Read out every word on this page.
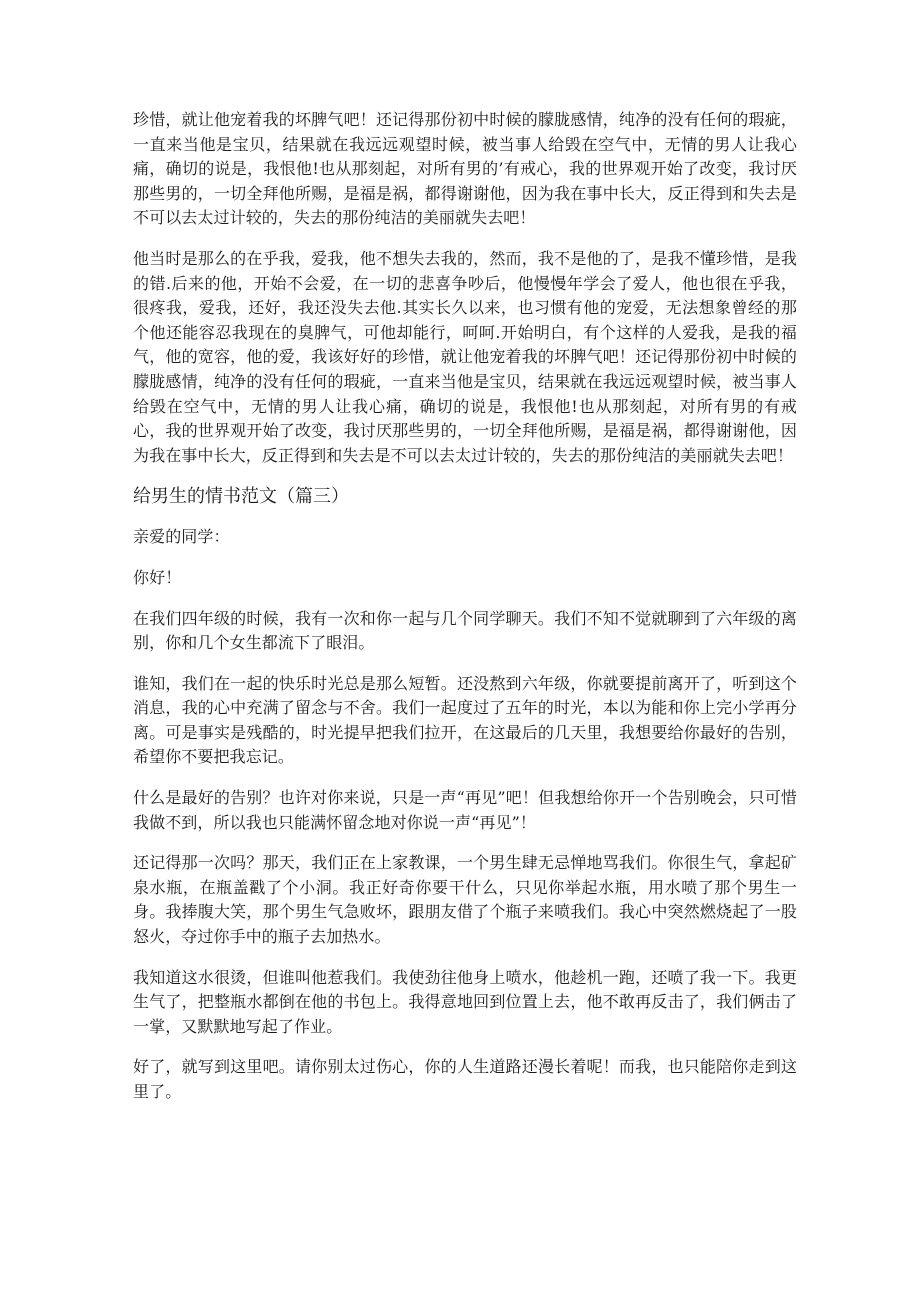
珍惜，就让他宠着我的坏脾气吧！还记得那份初中时候的朦胧感情，纯净的没有任何的瑕疵，一直来当他是宝贝，结果就在我远远观望时候，被当事人给毁在空气中，无情的男人让我心痛，确切的说是，我恨他!也从那刻起，对所有男的’有戒心，我的世界观开始了改变，我讨厌那些男的，一切全拜他所赐，是福是祸，都得谢谢他，因为我在事中长大，反正得到和失去是不可以去太过计较的，失去的那份纯洁的美丽就失去吧！

他当时是那么的在乎我，爱我，他不想失去我的，然而，我不是他的了，是我不懂珍惜，是我的错.后来的他，开始不会爱，在一切的悲喜争吵后，他慢慢年学会了爱人，他也很在乎我，很疼我，爱我，还好，我还没失去他.其实长久以来，也习惯有他的宠爱，无法想象曾经的那个他还能容忍我现在的臭脾气，可他却能行，呵呵.开始明白，有个这样的人爱我，是我的福气，他的宽容，他的爱，我该好好的珍惜，就让他宠着我的坏脾气吧！还记得那份初中时候的朦胧感情，纯净的没有任何的瑕疵，一直来当他是宝贝，结果就在我远远观望时候，被当事人给毁在空气中，无情的男人让我心痛，确切的说是，我恨他!也从那刻起，对所有男的有戒心，我的世界观开始了改变，我讨厌那些男的，一切全拜他所赐，是福是祸，都得谢谢他，因为我在事中长大，反正得到和失去是不可以去太过计较的，失去的那份纯洁的美丽就失去吧！

给男生的情书范文（篇三）

亲爱的同学：

你好！

在我们四年级的时候，我有一次和你一起与几个同学聊天。我们不知不觉就聊到了六年级的离别，你和几个女生都流下了眼泪。

谁知，我们在一起的快乐时光总是那么短暂。还没熬到六年级，你就要提前离开了，听到这个消息，我的心中充满了留念与不舍。我们一起度过了五年的时光，本以为能和你上完小学再分离。可是事实是残酷的，时光提早把我们拉开，在这最后的几天里，我想要给你最好的告别，希望你不要把我忘记。

什么是最好的告别？也许对你来说，只是一声“再见”吧！但我想给你开一个告别晚会，只可惜我做不到，所以我也只能满怀留念地对你说一声“再见”！

还记得那一次吗？那天，我们正在上家教课，一个男生肆无忌惮地骂我们。你很生气，拿起矿泉水瓶，在瓶盖戳了个小洞。我正好奇你要干什么，只见你举起水瓶，用水喷了那个男生一身。我捧腹大笑，那个男生气急败坏，跟朋友借了个瓶子来喷我们。我心中突然燃烧起了一股怒火，夺过你手中的瓶子去加热水。

我知道这水很烫，但谁叫他惹我们。我使劲往他身上喷水，他趁机一跑，还喷了我一下。我更生气了，把整瓶水都倒在他的书包上。我得意地回到位置上去，他不敢再反击了，我们俩击了一掌，又默默地写起了作业。

好了，就写到这里吧。请你别太过伤心，你的人生道路还漫长着呢！而我，也只能陪你走到这里了。
